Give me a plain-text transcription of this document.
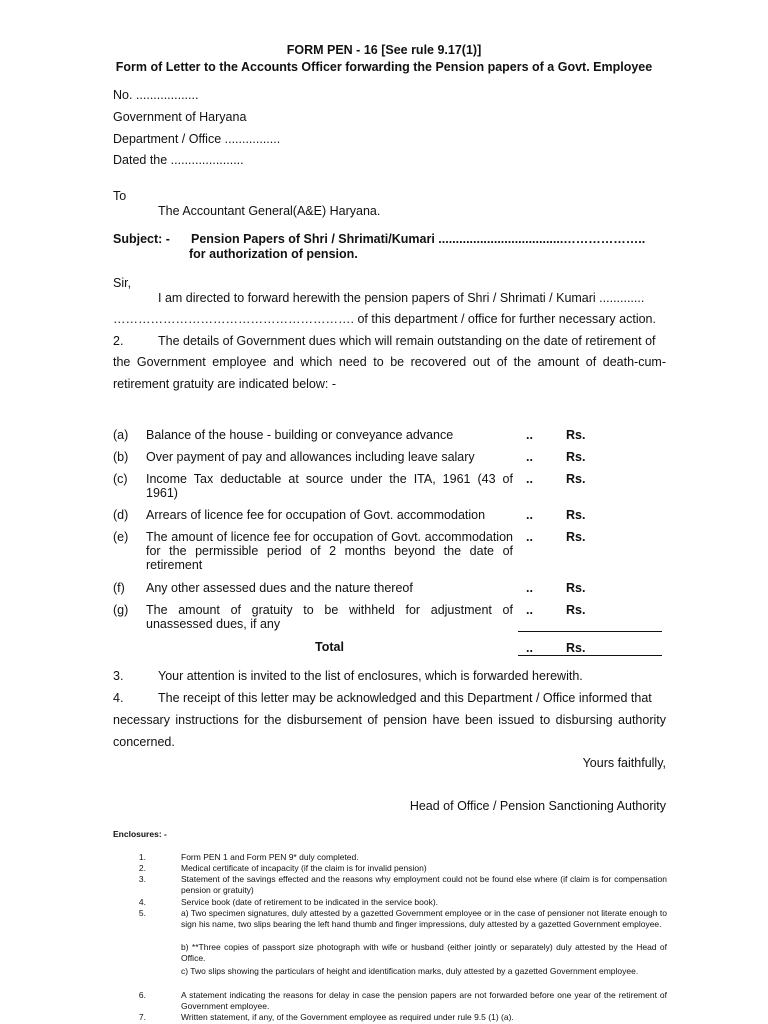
FORM PEN - 16 [See rule 9.17(1)]
Form of Letter to the Accounts Officer forwarding the Pension papers of a Govt. Employee
No. ..................
Government of Haryana
Department / Office ................
Dated the .....................
To
The Accountant General(A&E) Haryana.
Subject: - Pension Papers of Shri / Shrimati/Kumari ....................................………………..
for authorization of pension.
Sir,
I am directed to forward herewith the pension papers of Shri / Shrimati / Kumari .............
…………………………………………………. of this department / office for further necessary action.
2.	The details of Government dues which will remain outstanding on the date of retirement of
the Government employee and which need to be recovered out of the amount of death-cum-
retirement gratuity are indicated below: -
(a) Balance of the house - building or conveyance advance	..	Rs.
(b) Over payment of pay and allowances including leave salary	..	Rs.
(c) Income Tax deductable at source under the ITA, 1961 (43 of 1961)
..	Rs.
(d) Arrears of licence fee for occupation of Govt. accommodation	..	Rs.
(e) The amount of licence fee for occupation of Govt. accommodation for the permissible period of 2 months beyond the date of retirement
..	Rs.
(f) Any other assessed dues and the nature thereof	..	Rs.
(g) The amount of gratuity to be withheld for adjustment of unassessed dues, if any
..	Rs.
Total	..	Rs.
3.	Your attention is invited to the list of enclosures, which is forwarded herewith.
4.	The receipt of this letter may be acknowledged and this Department / Office informed that
necessary instructions for the disbursement of pension have been issued to disbursing authority
concerned.
Yours faithfully,
Head of Office / Pension Sanctioning Authority
Enclosures: -
1.	Form PEN 1 and Form PEN 9* duly completed.
2.	Medical certificate of incapacity (if the claim is for invalid pension)
3.	Statement of the savings effected and the reasons why employment could not be found else where (if claim is for compensation pension or gratuity)
4.	Service book (date of retirement to be indicated in the service book).
5.	a) Two specimen signatures, duly attested by a gazetted Government employee or in the case of pensioner not literate enough to sign his name, two slips bearing the left hand thumb and finger impressions, duly attested by a gazetted Government employee.
b) **Three copies of passport size photograph with wife or husband (either jointly or separately) duly attested by the Head of Office.
c) Two slips showing the particulars of height and identification marks, duly attested by a gazetted Government employee.
6.	A statement indicating the reasons for delay in case the pension papers are not forwarded before one year of the retirement of Government employee.
7.	Written statement, if any, of the Government employee as required under rule 9.5 (1) (a).
